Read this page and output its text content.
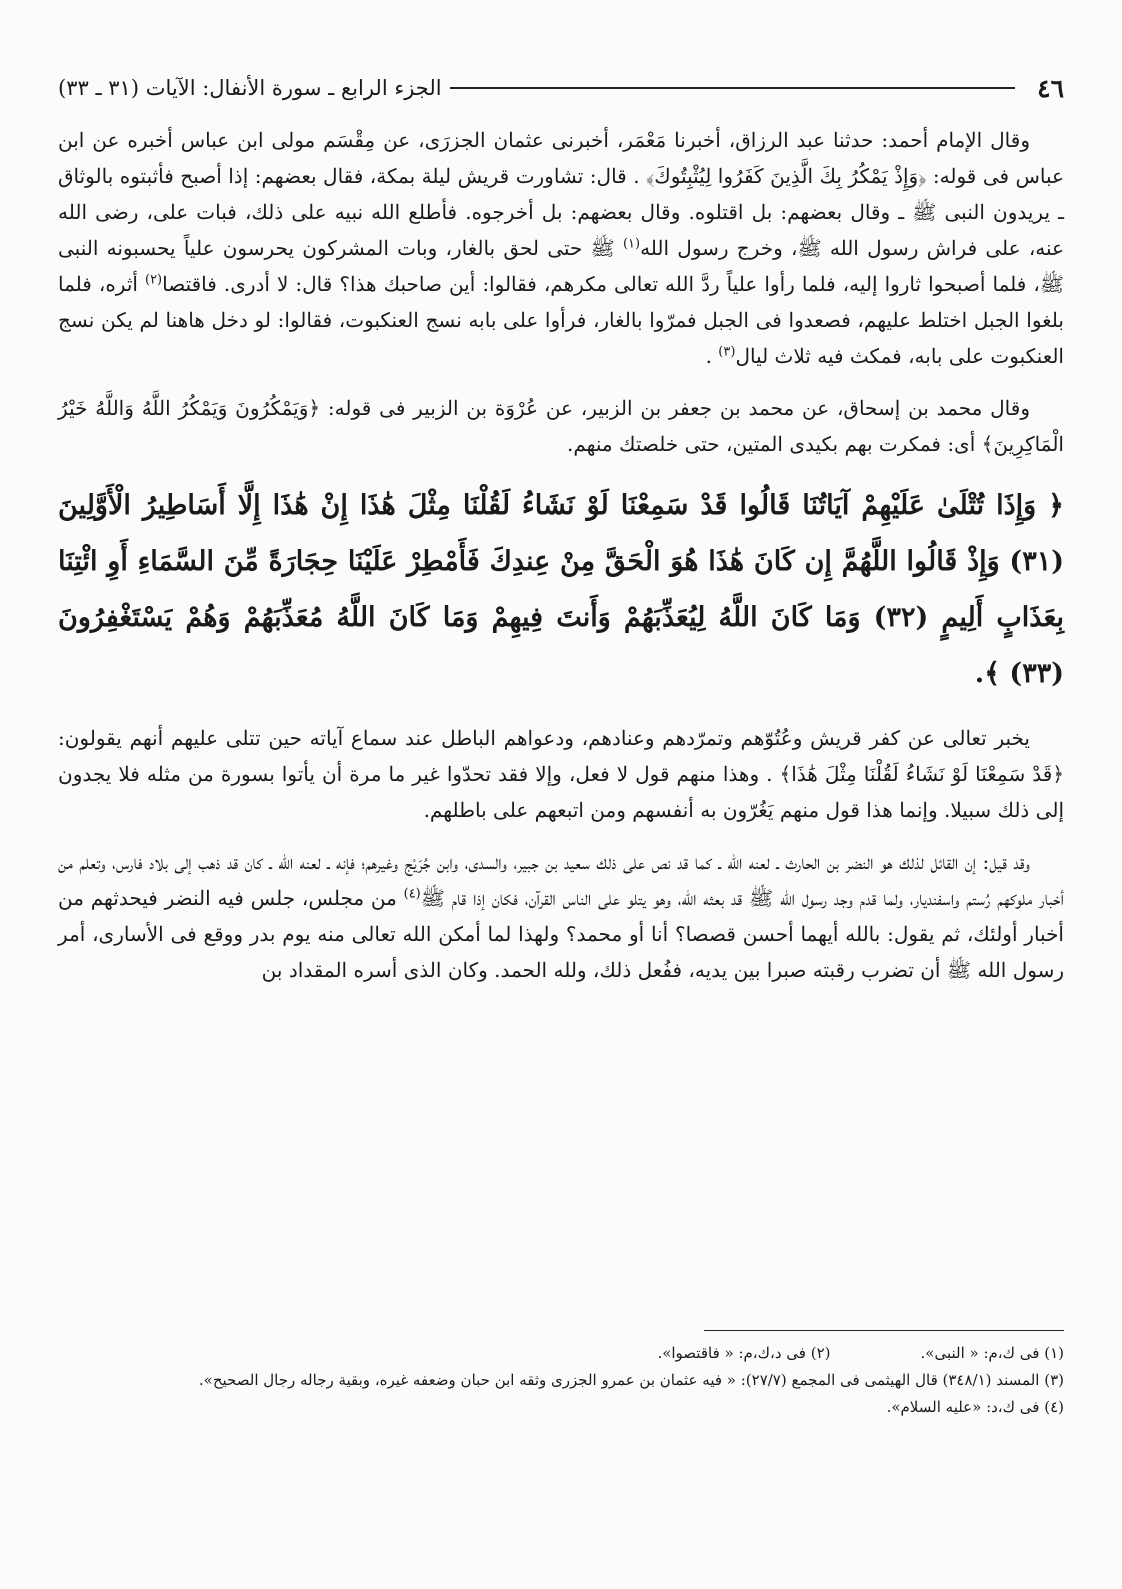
٤٦
الجزء الرابع ـ سورة الأنفال: الآيات (٣١ ـ ٣٣)

وقال الإمام أحمد: حدثنا عبد الرزاق، أخبرنا مَعْمَر، أخبرنى عثمان الجزرَى، عن مِقْسَم مولى ابن عباس أخبره عن ابن عباس فى قوله: ﴿وَإِذْ يَمْكُرُ بِكَ الَّذِينَ كَفَرُوا لِيُثْبِتُوكَ﴾ . قال: تشاورت قريش ليلة بمكة، فقال بعضهم: إذا أصبح فأثبتوه بالوثاق ـ يريدون النبى ﷺ ـ وقال بعضهم: بل اقتلوه. وقال بعضهم: بل أخرجوه. فأطلع الله نبيه على ذلك، فبات على، رضى الله عنه، على فراش رسول الله ﷺ، وخرج رسول الله$^{(١)}$ ﷺ حتى لحق بالغار، وبات المشركون يحرسون علياً يحسبونه النبى ﷺ، فلما أصبحوا ثاروا إليه، فلما رأوا علياً ردَّ الله تعالى مكرهم، فقالوا: أين صاحبك هذا؟ قال: لا أدرى. فاقتصا$^{(٢)}$ أثره، فلما بلغوا الجبل اختلط عليهم، فصعدوا فى الجبل فمرّوا بالغار، فرأوا على بابه نسج العنكبوت، فقالوا: لو دخل هاهنا لم يكن نسج العنكبوت على بابه، فمكث فيه ثلاث ليال$^{(٣)}$ .

وقال محمد بن إسحاق، عن محمد بن جعفر بن الزبير، عن عُرْوَة بن الزبير فى قوله: ﴿وَيَمْكُرُونَ وَيَمْكُرُ اللَّهُ وَاللَّهُ خَيْرُ الْمَاكِرِينَ﴾ أى: فمكرت بهم بكيدى المتين، حتى خلصتك منهم.

﴿ وَإِذَا تُتْلَىٰ عَلَيْهِمْ آيَاتُنَا قَالُوا قَدْ سَمِعْنَا لَوْ نَشَاءُ لَقُلْنَا مِثْلَ هَٰذَا إِنْ هَٰذَا إِلَّا أَسَاطِيرُ الْأَوَّلِينَ (٣١) وَإِذْ قَالُوا اللَّهُمَّ إِن كَانَ هَٰذَا هُوَ الْحَقَّ مِنْ عِندِكَ فَأَمْطِرْ عَلَيْنَا حِجَارَةً مِّنَ السَّمَاءِ أَوِ ائْتِنَا بِعَذَابٍ أَلِيمٍ (٣٢) وَمَا كَانَ اللَّهُ لِيُعَذِّبَهُمْ وَأَنتَ فِيهِمْ وَمَا كَانَ اللَّهُ مُعَذِّبَهُمْ وَهُمْ يَسْتَغْفِرُونَ (٣٣) ﴾.

يخبر تعالى عن كفر قريش وعُتُوّهم وتمرّدهم وعنادهم، ودعواهم الباطل عند سماع آياته حين تتلى عليهم أنهم يقولون: ﴿قَدْ سَمِعْنَا لَوْ نَشَاءُ لَقُلْنَا مِثْلَ هَٰذَا﴾ . وهذا منهم قول لا فعل، وإلا فقد تحدّوا غير ما مرة أن يأتوا بسورة من مثله فلا يجدون إلى ذلك سبيلا. وإنما هذا قول منهم يَغُرّون به أنفسهم ومن اتبعهم على باطلهم.

وقد قيل: إن القائل لذلك هو النضر بن الحارث ـ لعنه الله ـ كما قد نص على ذلك سعيد بن جبير، والسدى، وابن جُرَيْج وغيرهم؛ فإنه ـ لعنه الله ـ كان قد ذهب إلى بلاد فارس، وتعلم من أخبار ملوكهم رُستم واسفنديار، ولما قدم وجد رسول الله ﷺ قد بعثه الله، وهو يتلو على الناس القرآن، فكان إذا قام ﷺ$^{(٤)}$ من مجلس، جلس فيه النضر فيحدثهم من أخبار أولئك، ثم يقول: بالله أيهما أحسن قصصا؟ أنا أو محمد؟ ولهذا لما أمكن الله تعالى منه يوم بدر ووقع فى الأسارى، أمر رسول الله ﷺ أن تضرب رقبته صبرا بين يديه، ففُعل ذلك، ولله الحمد. وكان الذى أسره المقداد بن

(١) فى ك،م: « النبى».

(٢) فى د،ك،م: « فاقتصوا».

(٣) المسند (٣٤٨/١) قال الهيثمى فى المجمع (٢٧/٧): « فيه عثمان بن عمرو الجزرى وثقه ابن حبان وضعفه غيره، وبقية رجاله رجال الصحيح».

(٤) فى ك،د: «عليه السلام».
